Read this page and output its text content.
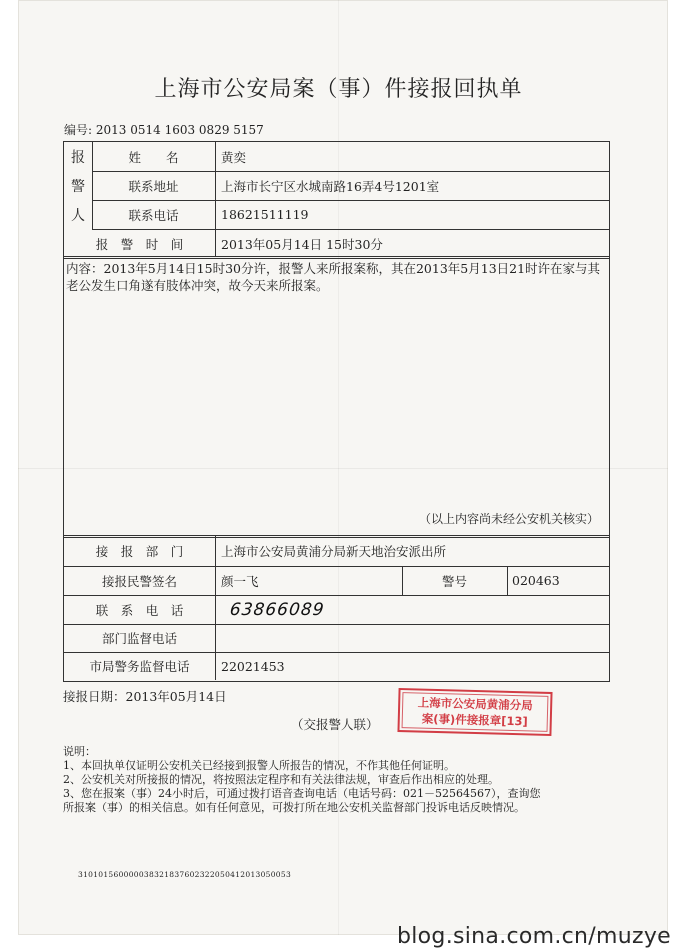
上海市公安局案（事）件接报回执单
编号: 2013 0514 1603 0829 5157
报
警
人
姓　　名	黄奕
联系地址	上海市长宁区水城南路16弄4号1201室
联系电话	18621511119
报　警　时　间	2013年05月14日 15时30分
内容：2013年5月14日15时30分许，报警人来所报案称，其在2013年5月13日21时许在家与其老公发生口角遂有肢体冲突，故今天来所报案。
（以上内容尚未经公安机关核实）
接　报　部　门	上海市公安局黄浦分局新天地治安派出所
接报民警签名	颜一飞	警号	020463
联　系　电　话	63866089
部门监督电话
市局警务监督电话	22021453
接报日期：2013年05月14日
（交报警人联）
上海市公安局黄浦分局
案(事)件接报章[13]
说明：
1、本回执单仅证明公安机关已经接到报警人所报告的情况，不作其他任何证明。
2、公安机关对所接报的情况，将按照法定程序和有关法律法规，审查后作出相应的处理。
3、您在报案（事）24小时后，可通过拨打语音查询电话（电话号码：021－52564567），查询您
所报案（事）的相关信息。如有任何意见，可拨打所在地公安机关监督部门投诉电话反映情况。
310101560000038321837602322050412013050053
blog.sina.com.cn/muzye
